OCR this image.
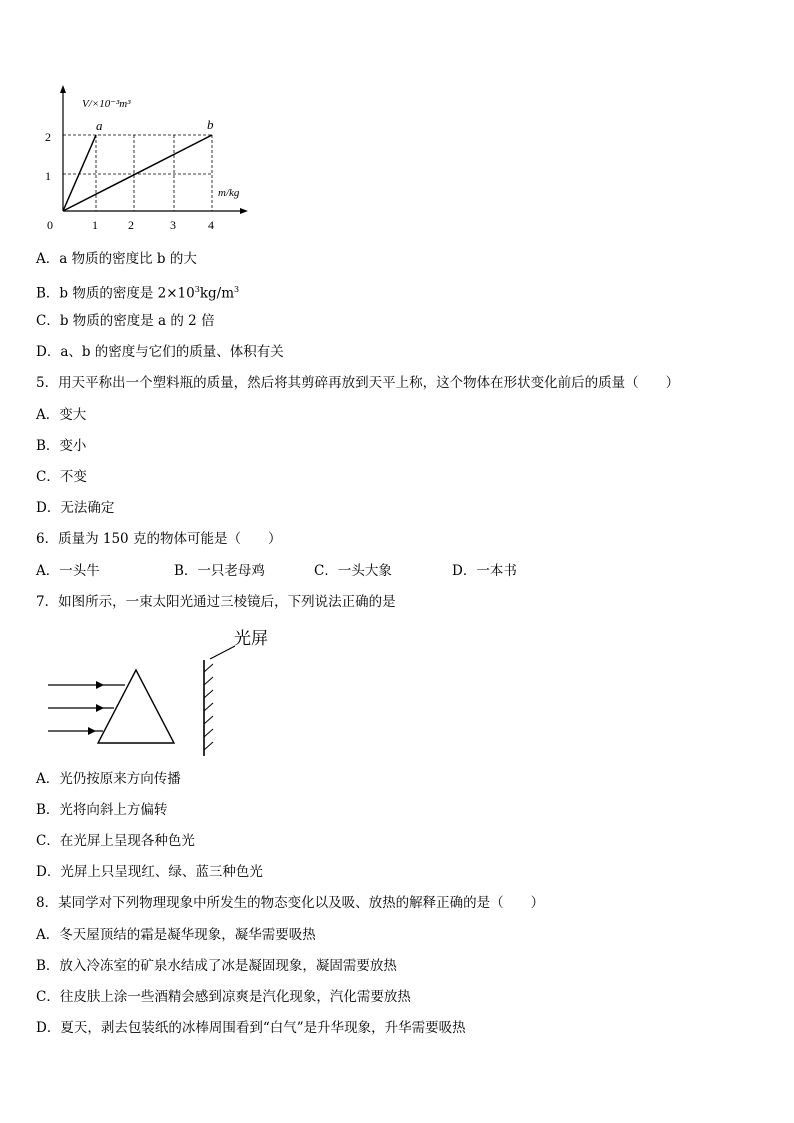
V/×10⁻³m³
m/kg
a	b
2
1
0	1	2	3	4
A．a 物质的密度比 b 的大
B．b 物质的密度是 $2\times 10^3kg/m^3$
C．b 物质的密度是 a 的 2 倍
D．a、b 的密度与它们的质量、体积有关
5．用天平称出一个塑料瓶的质量，然后将其剪碎再放到天平上称，这个物体在形状变化前后的质量（　　）
A．变大
B．变小
C．不变
D．无法确定
6．质量为 150 克的物体可能是（　　）
A．一头牛	B．一只老母鸡	C．一头大象	D．一本书
7．如图所示，一束太阳光通过三棱镜后，下列说法正确的是
光屏
A．光仍按原来方向传播
B．光将向斜上方偏转
C．在光屏上呈现各种色光
D．光屏上只呈现红、绿、蓝三种色光
8．某同学对下列物理现象中所发生的物态变化以及吸、放热的解释正确的是（　　）
A．冬天屋顶结的霜是凝华现象，凝华需要吸热
B．放入冷冻室的矿泉水结成了冰是凝固现象，凝固需要放热
C．往皮肤上涂一些酒精会感到凉爽是汽化现象，汽化需要放热
D．夏天，剥去包装纸的冰棒周围看到“白气”是升华现象，升华需要吸热
